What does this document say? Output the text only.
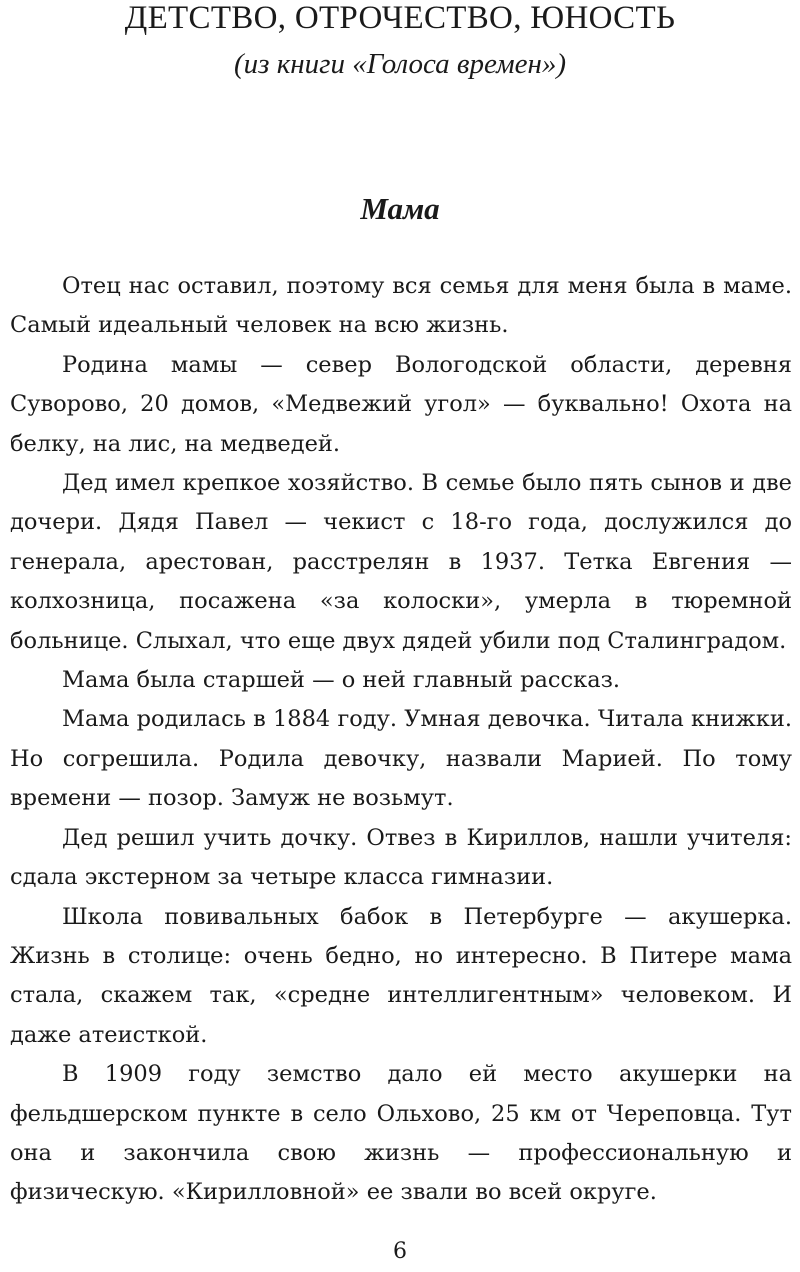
ДЕТСТВО, ОТРОЧЕСТВО, ЮНОСТЬ
(из книги «Голоса времен»)
Мама

Отец нас оставил, поэтому вся семья для меня была в маме. Самый идеальный человек на всю жизнь.

Родина мамы — север Вологодской области, деревня Суворово, 20 домов, «Медвежий угол» — буквально! Охота на белку, на лис, на медведей.

Дед имел крепкое хозяйство. В семье было пять сынов и две дочери. Дядя Павел — чекист с 18-го года, дослужился до генерала, арестован, расстрелян в 1937. Тетка Евгения — колхозница, посажена «за колоски», умерла в тюремной больнице. Слыхал, что еще двух дядей убили под Сталинградом.

Мама была старшей — о ней главный рассказ.

Мама родилась в 1884 году. Умная девочка. Читала книжки. Но согрешила. Родила девочку, назвали Марией. По тому времени — позор. Замуж не возьмут.

Дед решил учить дочку. Отвез в Кириллов, нашли учителя: сдала экстерном за четыре класса гимназии.

Школа повивальных бабок в Петербурге — акушерка. Жизнь в столице: очень бедно, но интересно. В Питере мама стала, скажем так, «средне интеллигентным» человеком. И даже атеисткой.

В 1909 году земство дало ей место акушерки на фельдшерском пункте в село Ольхово, 25 км от Череповца. Тут она и закончила свою жизнь — профессиональную и физическую. «Кирилловной» ее звали во всей округе.

6
